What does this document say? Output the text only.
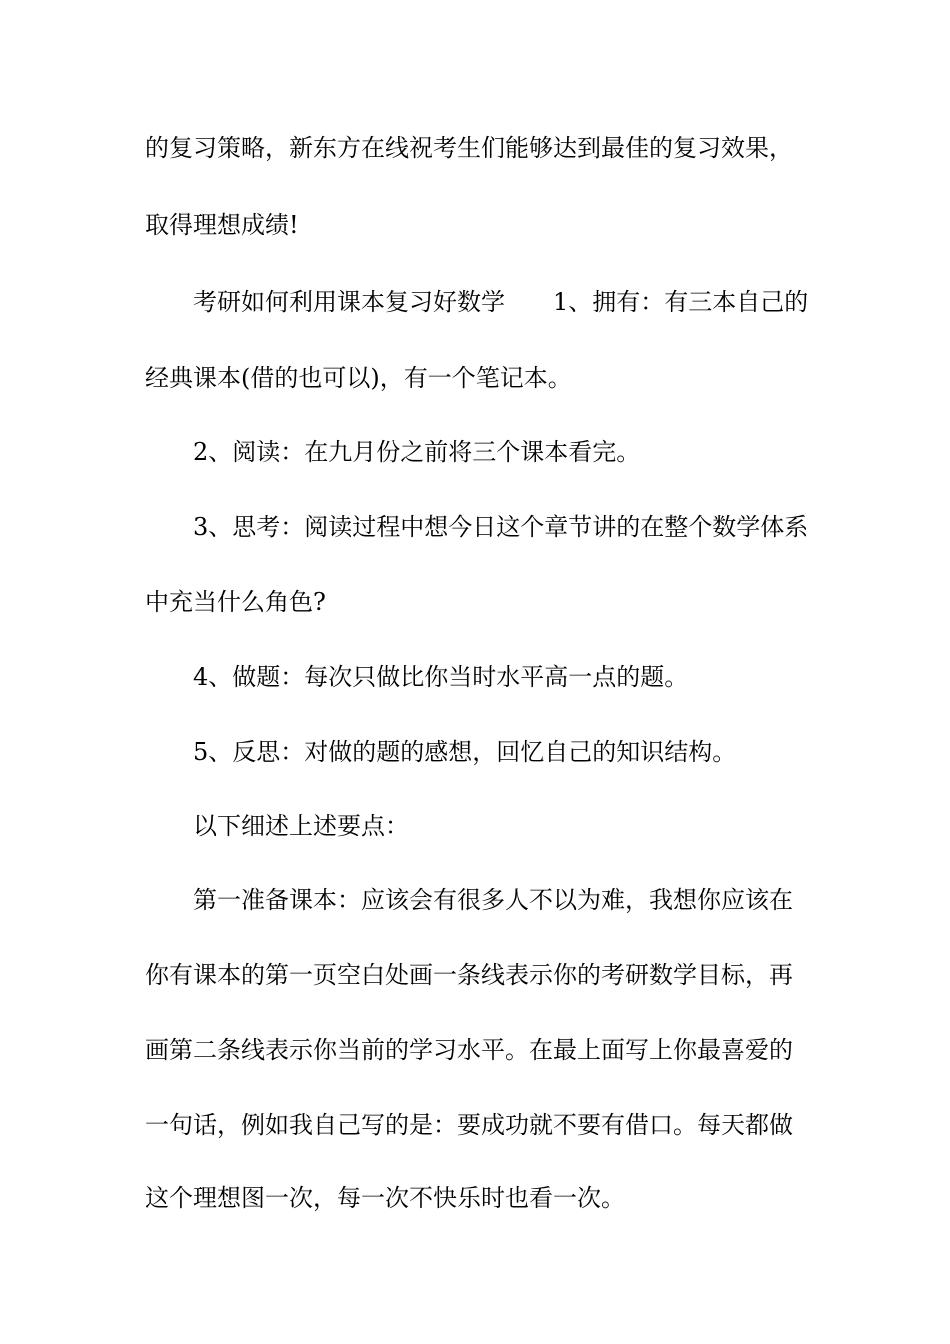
的复习策略，新东方在线祝考生们能够达到最佳的复习效果，
取得理想成绩!
考研如何利用课本复习好数学 1、拥有：有三本自己的
经典课本(借的也可以)，有一个笔记本。
2、阅读：在九月份之前将三个课本看完。
3、思考：阅读过程中想今日这个章节讲的在整个数学体系
中充当什么角色?
4、做题：每次只做比你当时水平高一点的题。
5、反思：对做的题的感想，回忆自己的知识结构。
以下细述上述要点：
第一准备课本：应该会有很多人不以为难，我想你应该在
你有课本的第一页空白处画一条线表示你的考研数学目标，再
画第二条线表示你当前的学习水平。在最上面写上你最喜爱的
一句话，例如我自己写的是：要成功就不要有借口。每天都做
这个理想图一次，每一次不快乐时也看一次。
